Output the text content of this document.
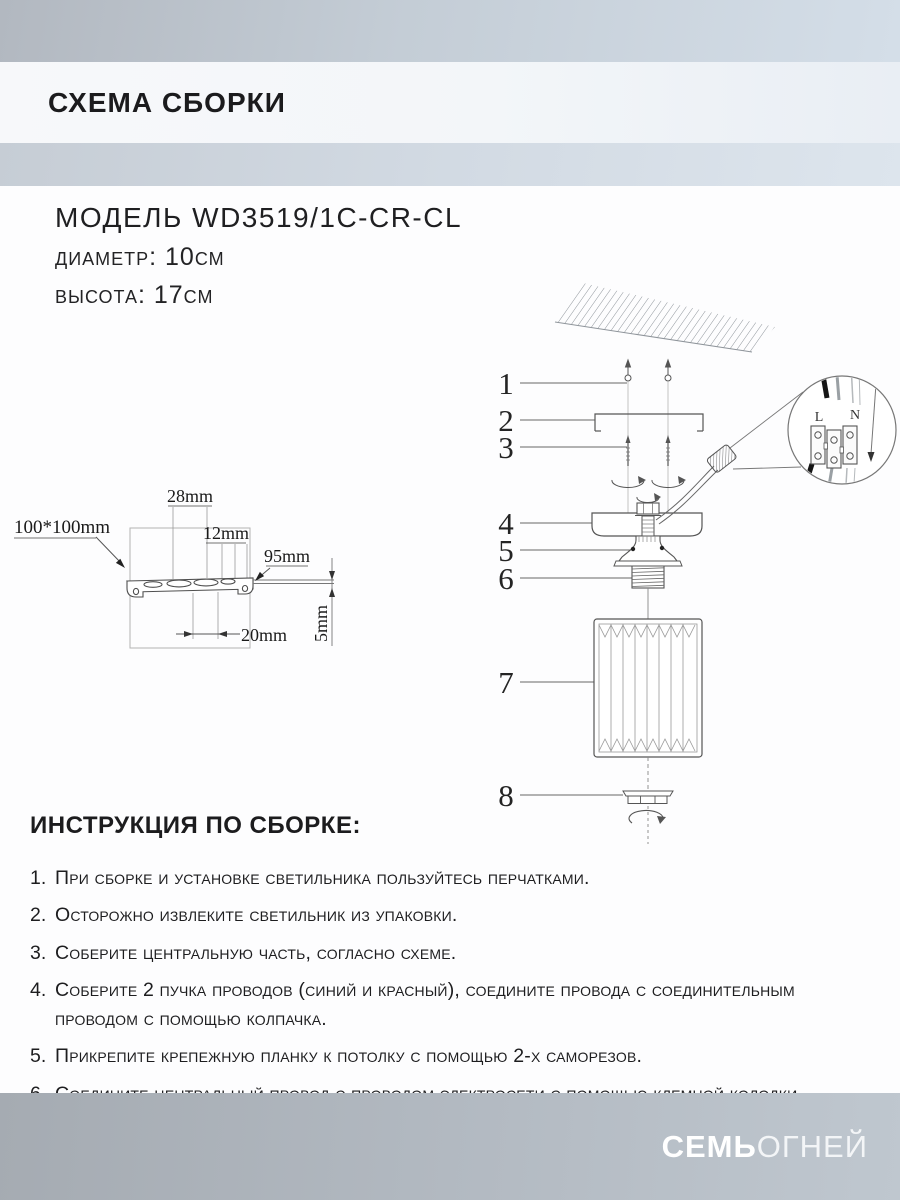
СХЕМА СБОРКИ
МОДЕЛЬ WD3519/1C-CR-CL
диаметр: 10см
высота: 17см
28mm
100*100mm	12mm
95mm
20mm 5mm
1
2
3
4
5
6
7
8
L N
ИНСТРУКЦИЯ ПО СБОРКЕ:
1. При сборке и установке светильника пользуйтесь перчатками.
2. Осторожно извлеките светильник из упаковки.
3. Соберите центральную часть, согласно схеме.
4. Соберите 2 пучка проводов (синий и красный), соедините провода с соединительным
проводом с помощью колпачка.
5. Прикрепите крепежную планку к потолку с помощью 2-х саморезов.
СЕМЬОГНЕЙ
